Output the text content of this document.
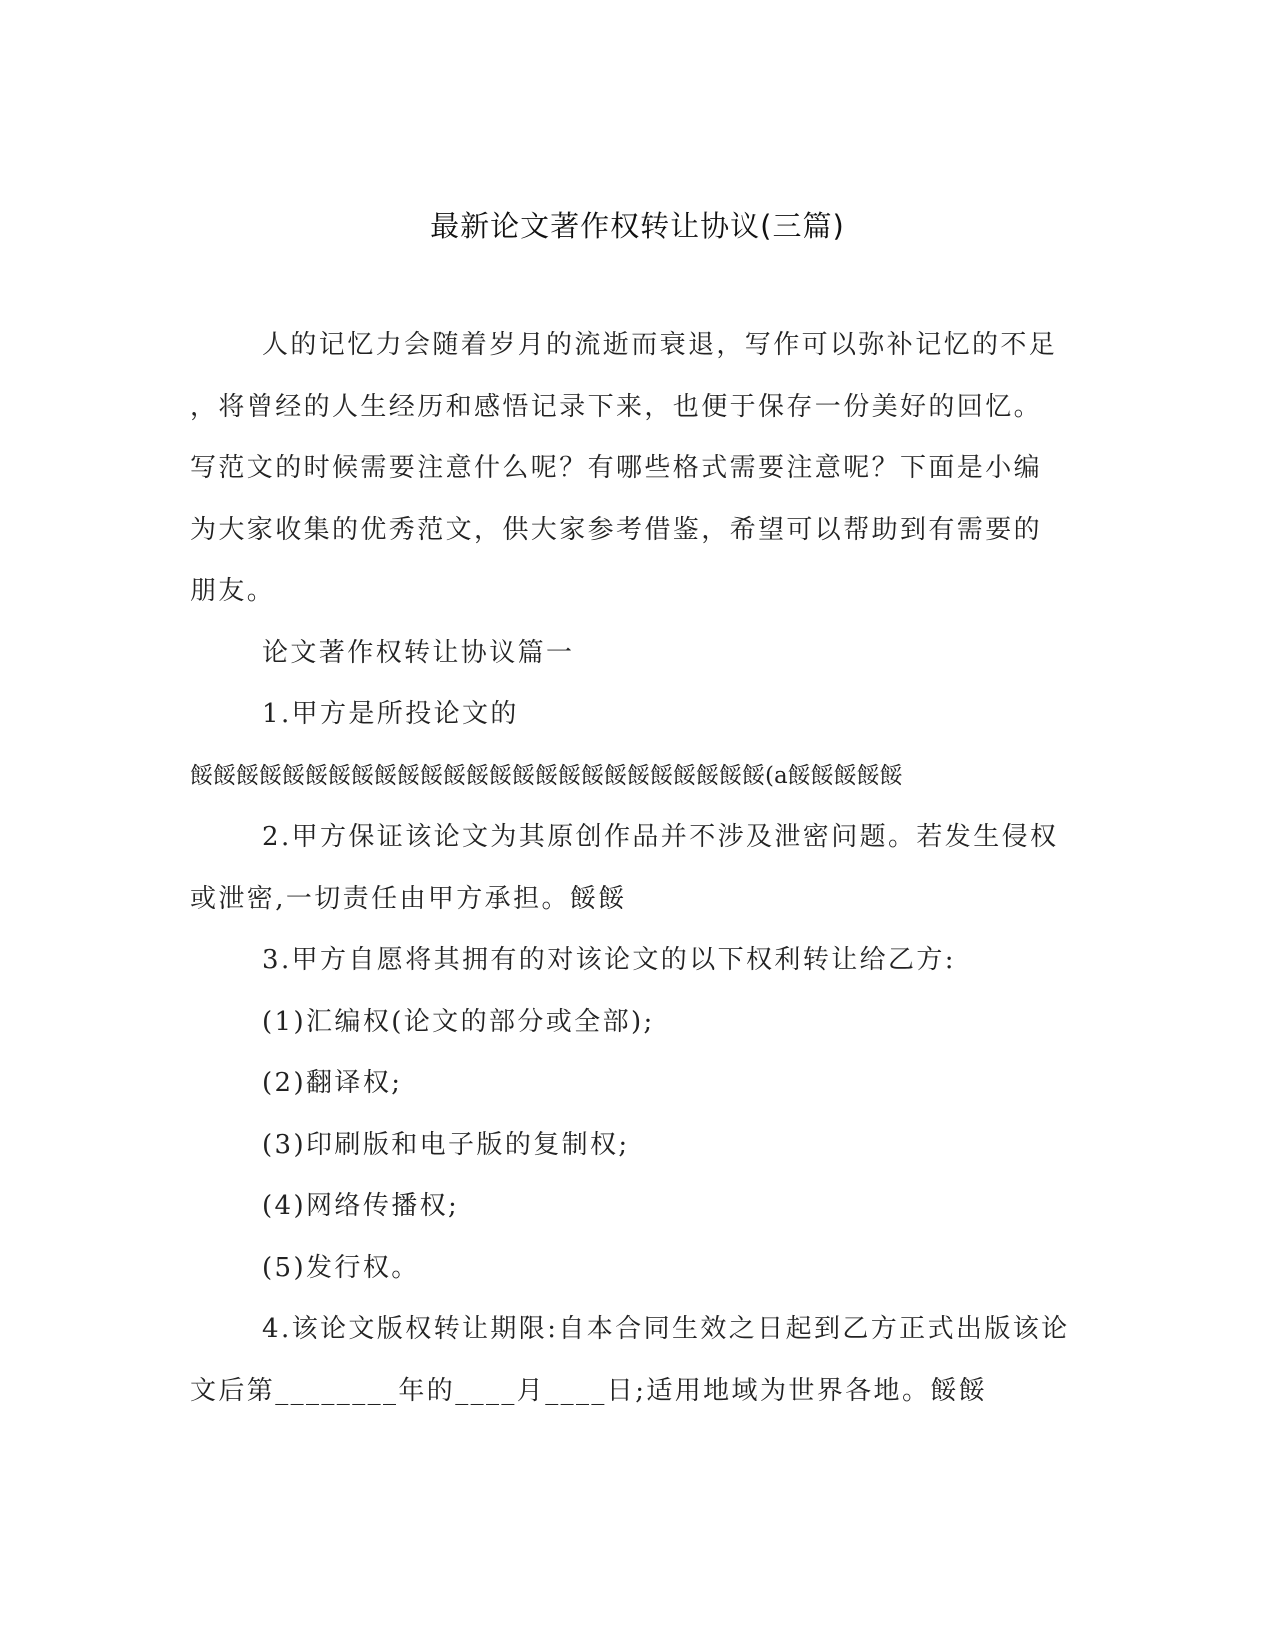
最新论文著作权转让协议(三篇)
人的记忆力会随着岁月的流逝而衰退，写作可以弥补记忆的不足
，将曾经的人生经历和感悟记录下来，也便于保存一份美好的回忆。
写范文的时候需要注意什么呢？有哪些格式需要注意呢？下面是小编
为大家收集的优秀范文，供大家参考借鉴，希望可以帮助到有需要的
朋友。
论文著作权转让协议篇一
1.甲方是所投论文的
餒餒餒餒餒餒餒餒餒餒餒餒餒餒餒餒餒餒餒餒餒餒餒餒餒(a餒餒餒餒餒
2.甲方保证该论文为其原创作品并不涉及泄密问题。若发生侵权
或泄密,一切责任由甲方承担。餒餒
3.甲方自愿将其拥有的对该论文的以下权利转让给乙方:
(1)汇编权(论文的部分或全部);
(2)翻译权;
(3)印刷版和电子版的复制权;
(4)网络传播权;
(5)发行权。
4.该论文版权转让期限:自本合同生效之日起到乙方正式出版该论
文后第________年的____月____日;适用地域为世界各地。餒餒
